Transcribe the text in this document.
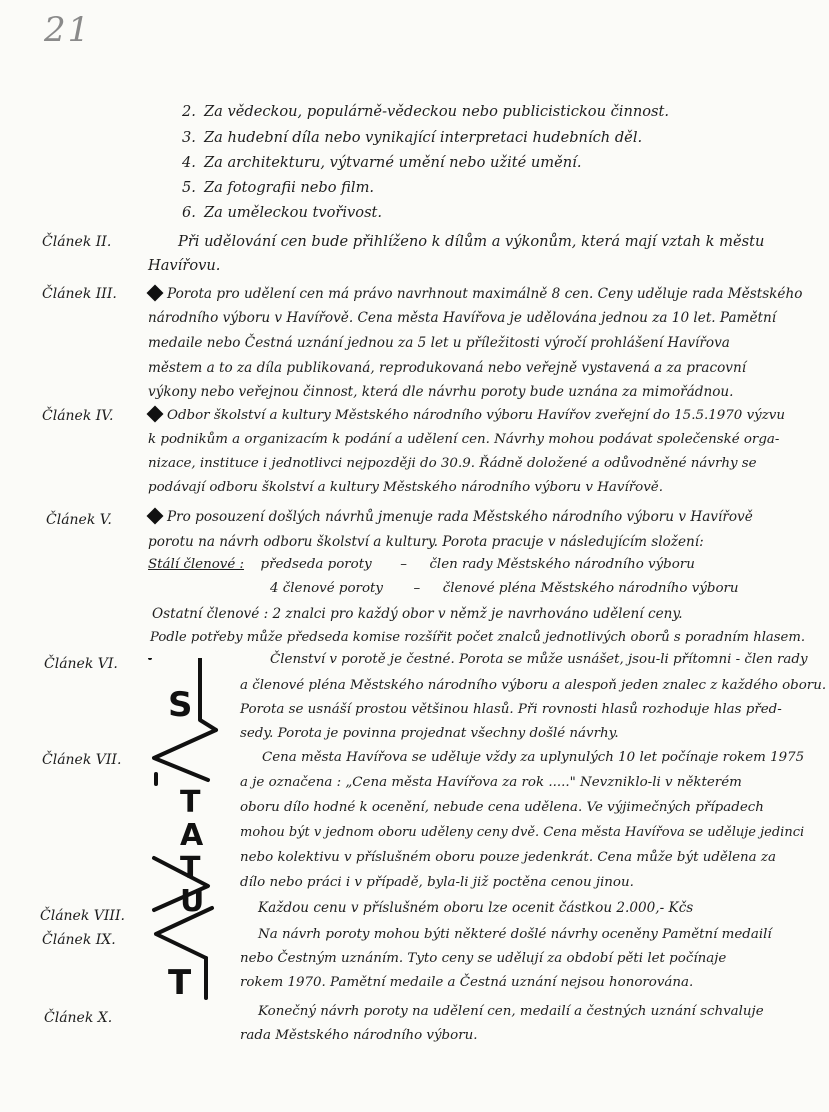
21
2. Za vědeckou, populárně-vědeckou nebo publicistickou činnost.
3. Za hudební díla nebo vynikající interpretaci hudebních děl.
4. Za architekturu, výtvarné umění nebo užité umění.
5. Za fotografii nebo film.
6. Za uměleckou tvořivost.
Článek II.	Při udělování cen bude přihlíženo k dílům a výkonům, která mají vztah k městu
Havířovu.
Článek III.	Porota pro udělení cen má právo navrhnout maximálně 8 cen. Ceny uděluje rada Městského
národního výboru v Havířově. Cena města Havířova je udělována jednou za 10 let. Pamětní
medaile nebo Čestná uznání jednou za 5 let u příležitosti výročí prohlášení Havířova
městem a to za díla publikovaná, reprodukovaná nebo veřejně vystavená a za pracovní
výkony nebo veřejnou činnost, která dle návrhu poroty bude uznána za mimořádnou.
Článek IV.	Odbor školství a kultury Městského národního výboru Havířov zveřejní do 15.5.1970 výzvu
k podnikům a organizacím k podání a udělení cen. Návrhy mohou podávat společenské orga-
nizace, instituce i jednotlivci nejpozději do 30.9. Řádně doložené a odůvodněné návrhy se
podávají odboru školství a kultury Městského národního výboru v Havířově.
Článek V.	Pro posouzení došlých návrhů jmenuje rada Městského národního výboru v Havířově
porotu na návrh odboru školství a kultury. Porota pracuje v následujícím složení:
Stálí členové : předseda poroty – člen rady Městského národního výboru
4 členové poroty – členové pléna Městského národního výboru
Ostatní členové : 2 znalci pro každý obor v němž je navrhováno udělení ceny.
Podle potřeby může předseda komise rozšířit počet znalců jednotlivých oborů s poradním hlasem.
Článek VI.	Členství v porotě je čestné. Porota se může usnášet, jsou-li přítomni - člen rady
a členové pléna Městského národního výboru a alespoň jeden znalec z každého oboru.
Porota se usnáší prostou většinou hlasů. Při rovnosti hlasů rozhoduje hlas před-
sedy. Porota je povinna projednat všechny došlé návrhy.
Článek VII.	Cena města Havířova se uděluje vždy za uplynulých 10 let počínaje rokem 1975
a je označena : „Cena města Havířova za rok ....." Nevzniklo-li v některém
oboru dílo hodné k ocenění, nebude cena udělena. Ve výjimečných případech
mohou být v jednom oboru uděleny ceny dvě. Cena města Havířova se uděluje jedinci
nebo kolektivu v příslušném oboru pouze jedenkrát. Cena může být udělena za
dílo nebo práci i v případě, byla-li již poctěna cenou jinou.
Článek VIII.	Každou cenu v příslušném oboru lze ocenit částkou 2.000,- Kčs
Článek IX.	Na návrh poroty mohou býti některé došlé návrhy oceněny Pamětní medailí
nebo Čestným uznáním. Tyto ceny se udělují za období pěti let počínaje
rokem 1970. Pamětní medaile a Čestná uznání nejsou honorována.
Článek X.	Konečný návrh poroty na udělení cen, medailí a čestných uznání schvaluje
rada Městského národního výboru.
S
TATU
T
